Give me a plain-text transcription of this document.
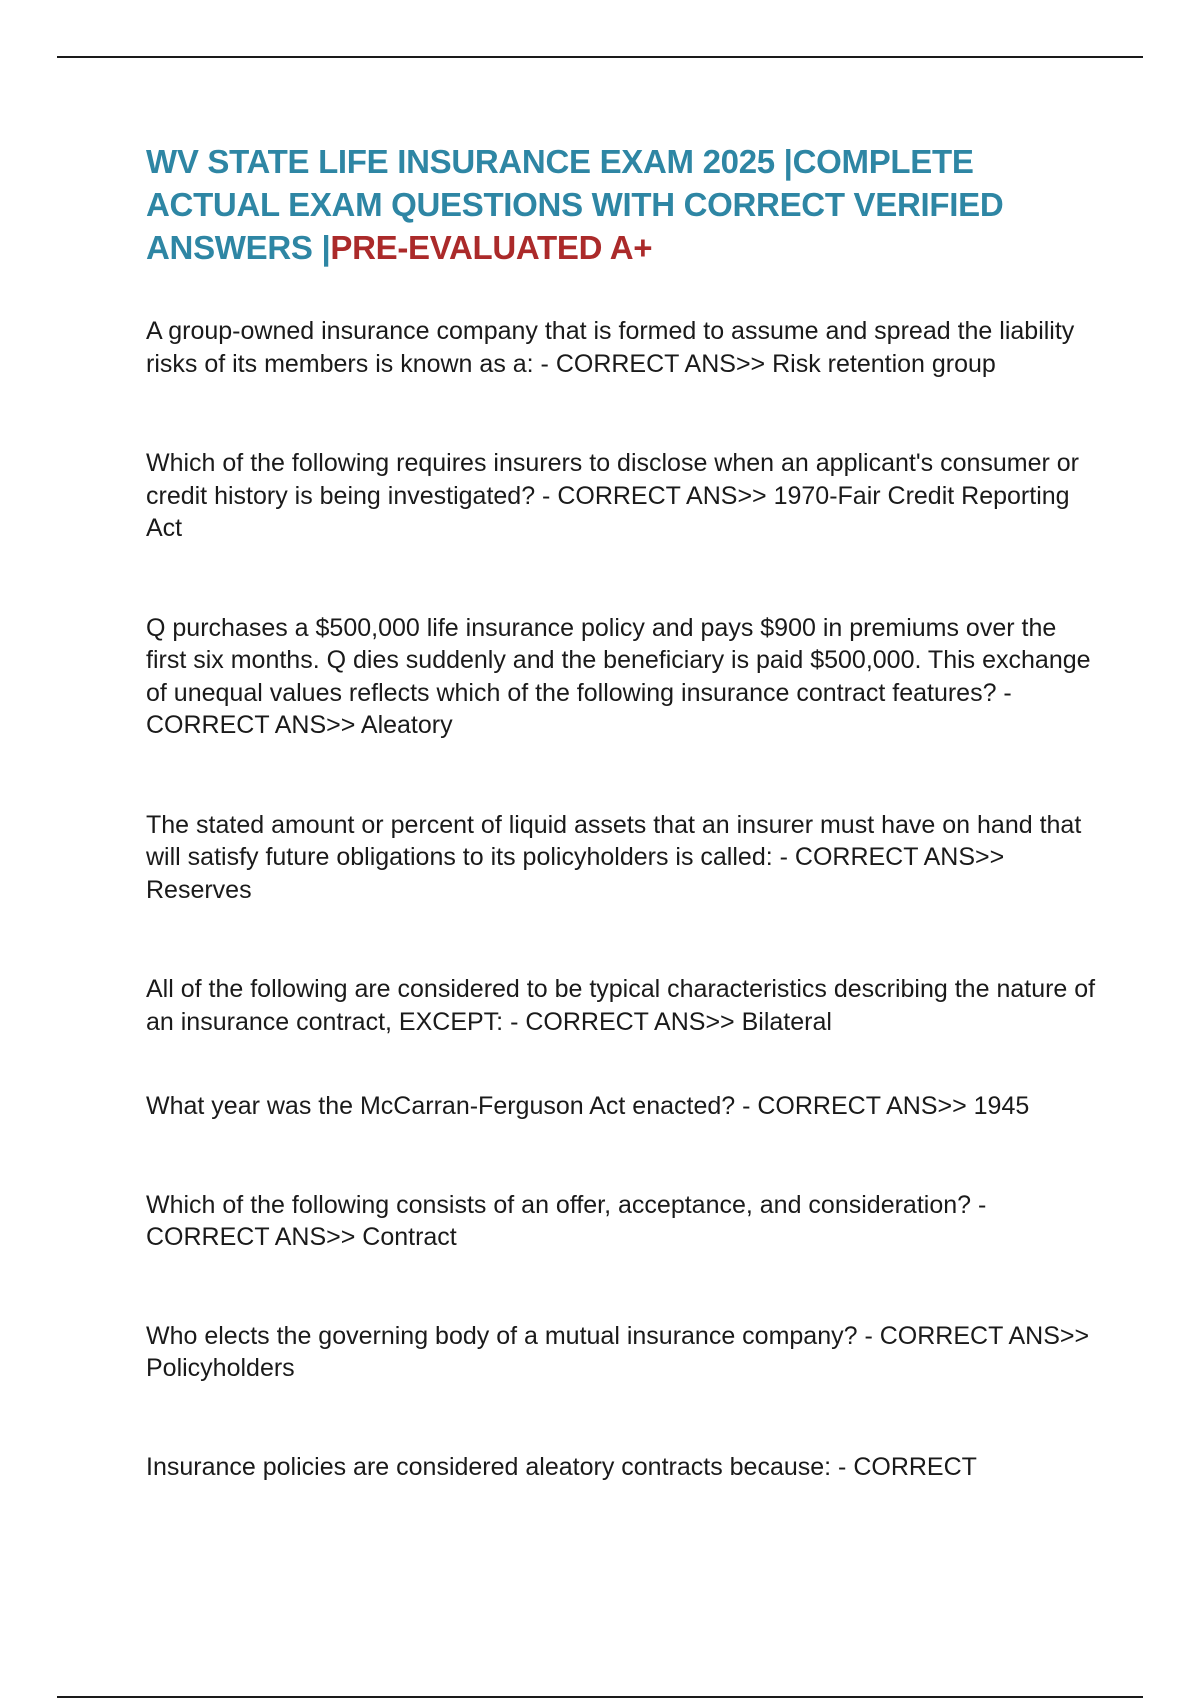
WV STATE LIFE INSURANCE EXAM 2025 |COMPLETE ACTUAL EXAM QUESTIONS WITH CORRECT VERIFIED ANSWERS |PRE-EVALUATED A+

A group-owned insurance company that is formed to assume and spread the liability risks of its members is known as a: - CORRECT ANS>> Risk retention group

Which of the following requires insurers to disclose when an applicant's consumer or credit history is being investigated? - CORRECT ANS>> 1970-Fair Credit Reporting Act

Q purchases a $500,000 life insurance policy and pays $900 in premiums over the first six months. Q dies suddenly and the beneficiary is paid $500,000. This exchange of unequal values reflects which of the following insurance contract features? - CORRECT ANS>> Aleatory

The stated amount or percent of liquid assets that an insurer must have on hand that will satisfy future obligations to its policyholders is called: - CORRECT ANS>> Reserves

All of the following are considered to be typical characteristics describing the nature of an insurance contract, EXCEPT: - CORRECT ANS>> Bilateral

What year was the McCarran-Ferguson Act enacted? - CORRECT ANS>> 1945

Which of the following consists of an offer, acceptance, and consideration? - CORRECT ANS>> Contract

Who elects the governing body of a mutual insurance company? - CORRECT ANS>> Policyholders

Insurance policies are considered aleatory contracts because: - CORRECT
